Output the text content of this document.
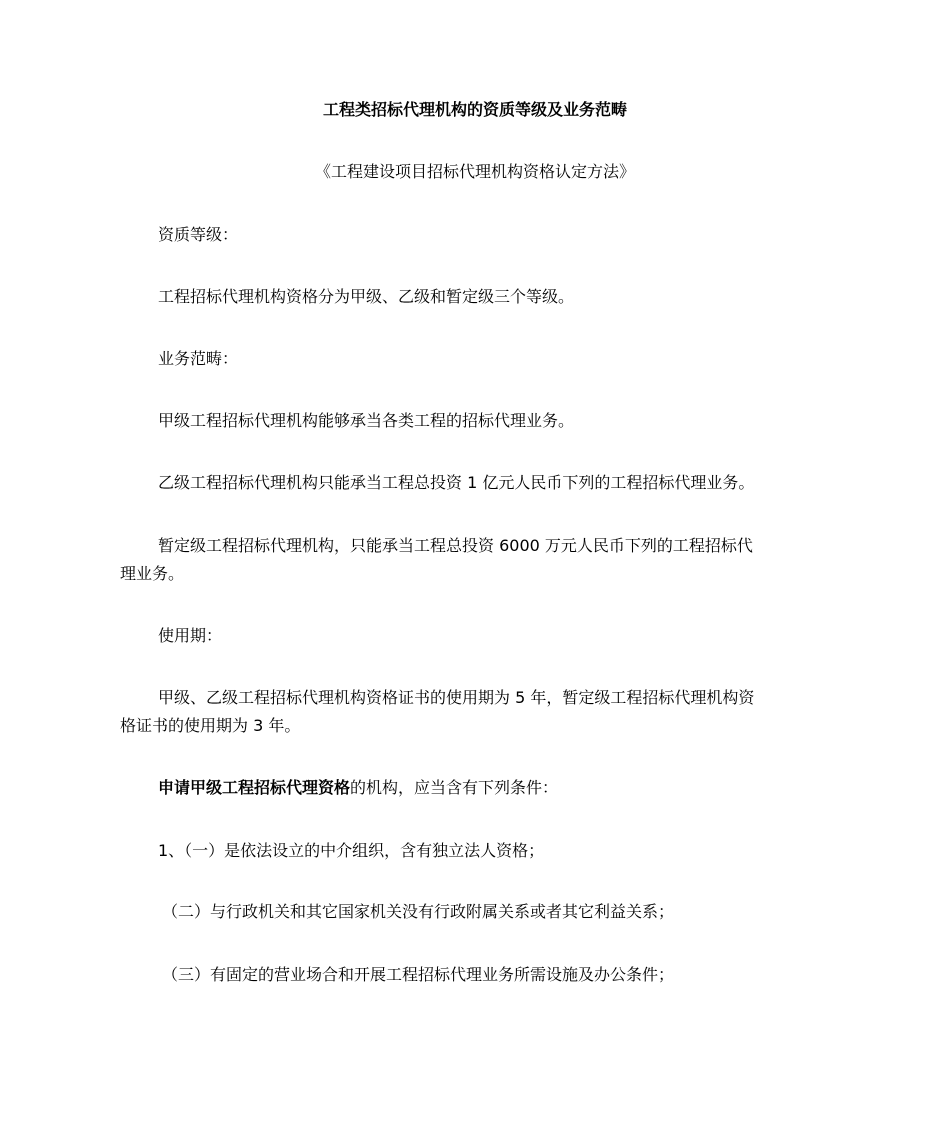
工程类招标代理机构的资质等级及业务范畴
《工程建设项目招标代理机构资格认定方法》
资质等级：
工程招标代理机构资格分为甲级、乙级和暂定级三个等级。
业务范畴：
甲级工程招标代理机构能够承当各类工程的招标代理业务。
乙级工程招标代理机构只能承当工程总投资 1 亿元人民币下列的工程招标代理业务。
暂定级工程招标代理机构，只能承当工程总投资 6000 万元人民币下列的工程招标代
理业务。
使用期：
甲级、乙级工程招标代理机构资格证书的使用期为 5 年，暂定级工程招标代理机构资
格证书的使用期为 3 年。
申请甲级工程招标代理资格的机构，应当含有下列条件：
1、（一）是依法设立的中介组织，含有独立法人资格；
（二）与行政机关和其它国家机关没有行政附属关系或者其它利益关系；
（三）有固定的营业场合和开展工程招标代理业务所需设施及办公条件；
